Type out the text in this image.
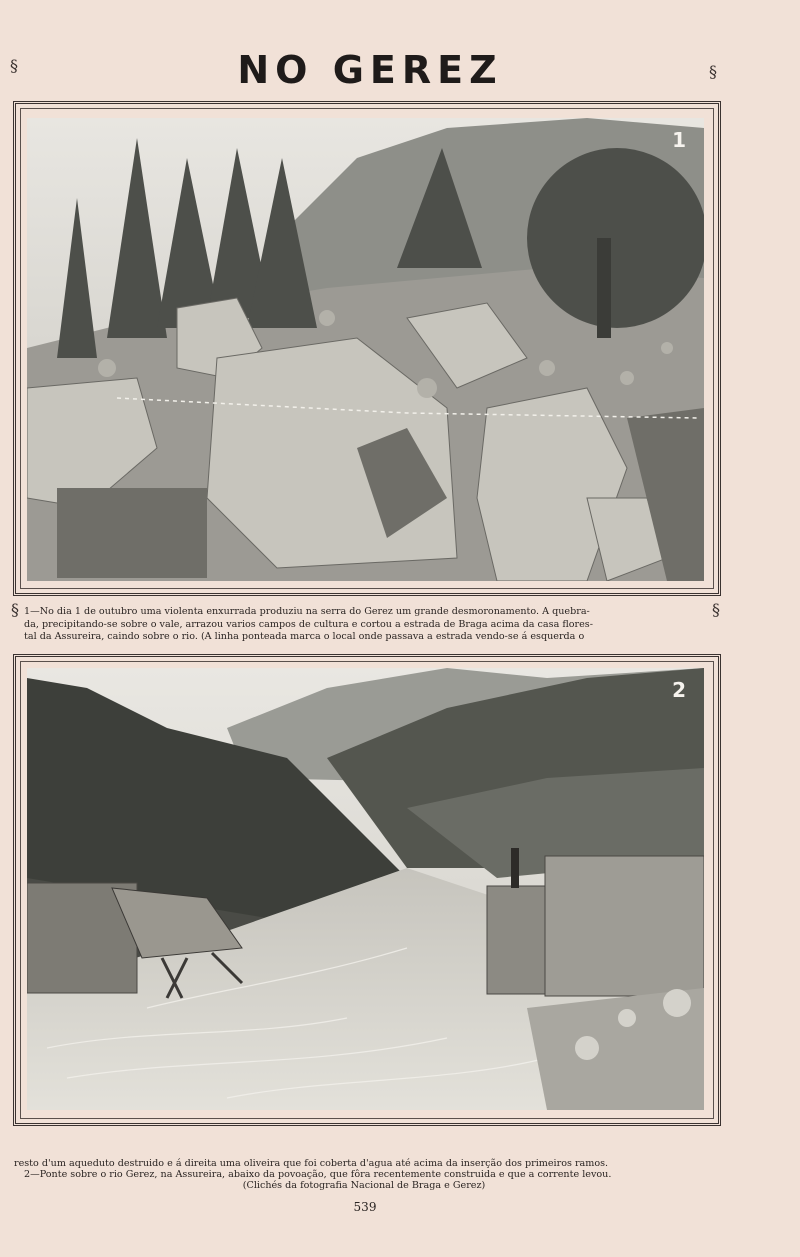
NO GEREZ
§	§
§	§
1

1—No dia 1 de outubro uma violenta enxurrada produziu na serra do Gerez um grande desmoronamento. A quebra-

da, precipitando-se sobre o vale, arrazou varios campos de cultura e cortou a estrada de Braga acima da casa flores-

tal da Assureira, caindo sobre o rio. (A linha ponteada marca o local onde passava a estrada vendo-se á esquerda o

2

resto d'um aqueduto destruido e á direita uma oliveira que foi coberta d'agua até acima da inserção dos primeiros ramos.

2—Ponte sobre o rio Gerez, na Assureira, abaixo da povoação, que fôra recentemente construida e que a corrente levou.

(Clichés da fotografia Nacional de Braga e Gerez)

539
